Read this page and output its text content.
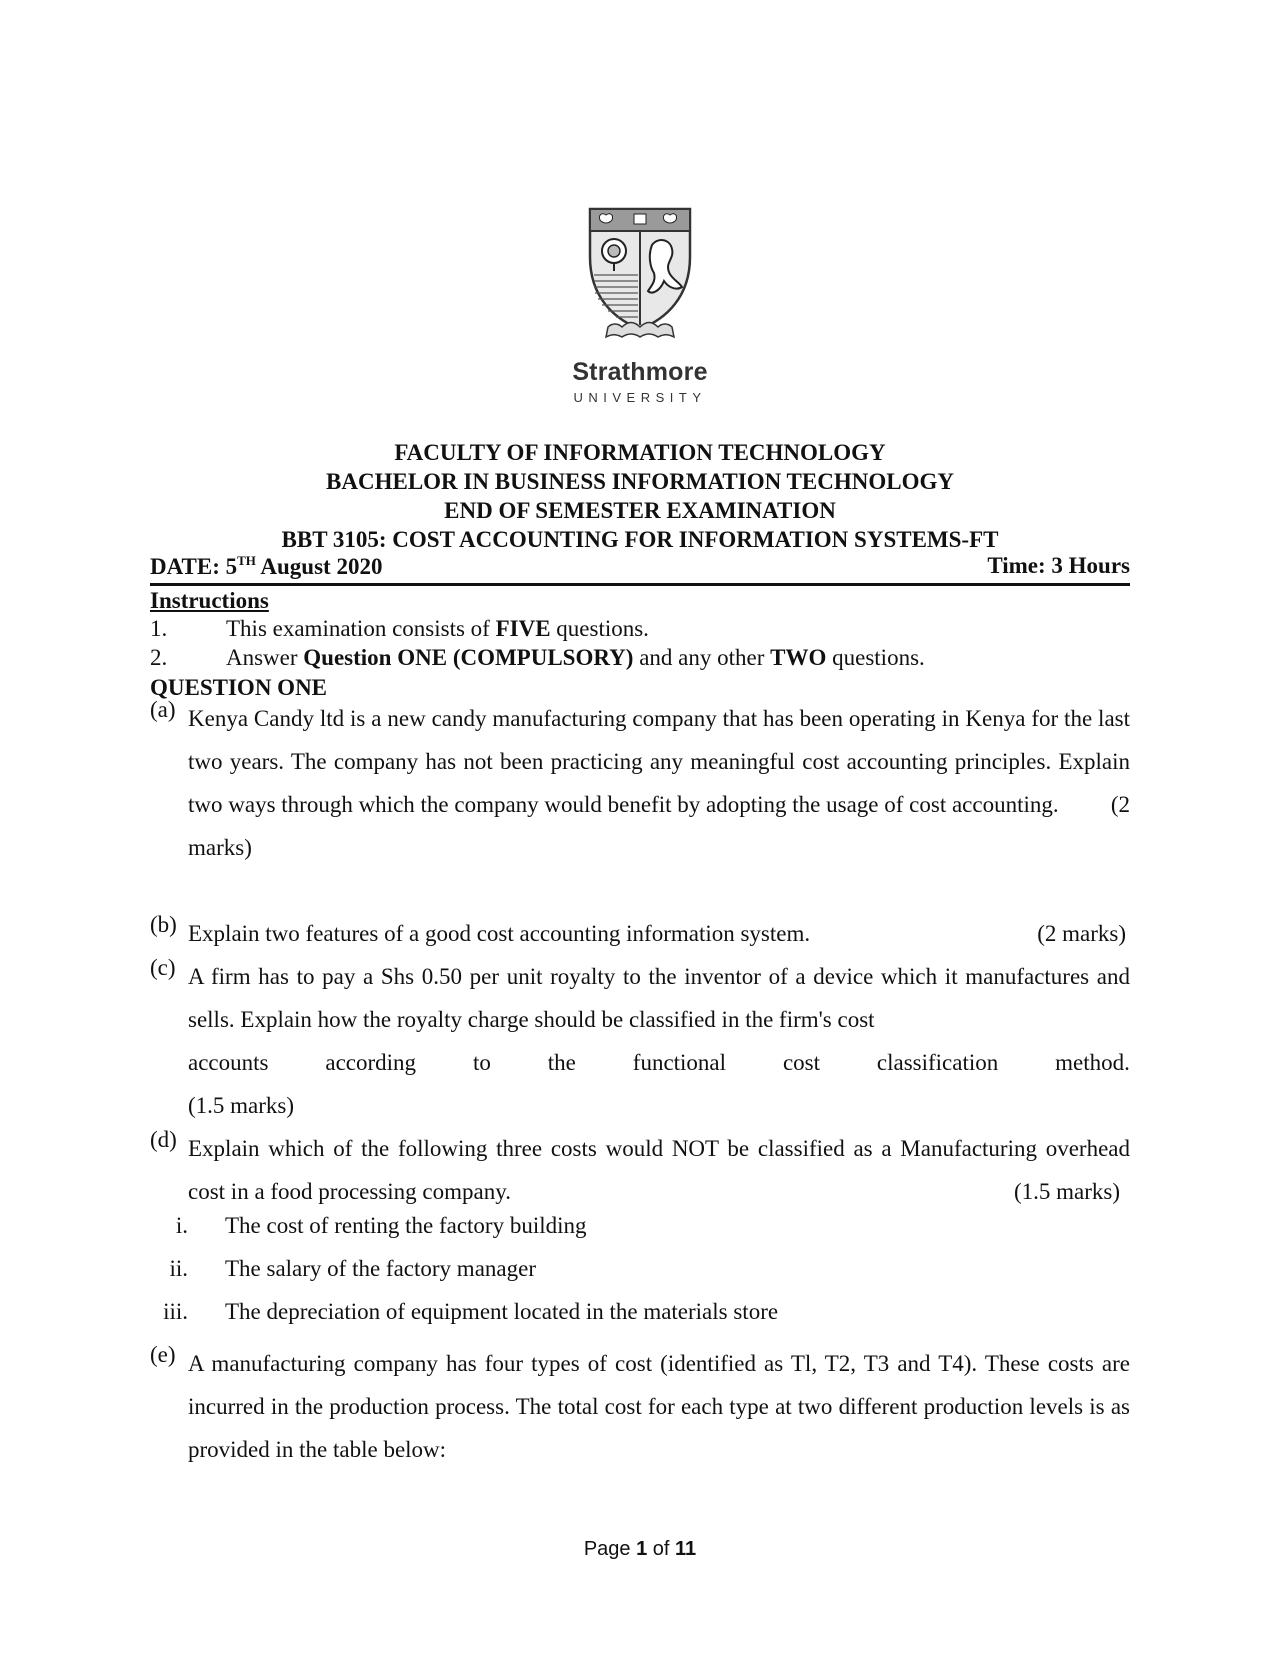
Strathmore
UNIVERSITY
FACULTY OF INFORMATION TECHNOLOGY
BACHELOR IN BUSINESS INFORMATION TECHNOLOGY
END OF SEMESTER EXAMINATION
BBT 3105: COST ACCOUNTING FOR INFORMATION SYSTEMS-FT
DATE: 5TH August 2020	Time: 3 Hours
Instructions
1.	This examination consists of FIVE questions.
2.	Answer Question ONE (COMPULSORY) and any other TWO questions.
QUESTION ONE
(a) Kenya Candy ltd is a new candy manufacturing company that has been operating in Kenya for the last two years. The company has not been practicing any meaningful cost accounting principles. Explain two ways through which the company would benefit by adopting the usage of cost accounting. (2

marks)
(b) Explain two features of a good cost accounting information system.	(2 marks)
(c) A firm has to pay a Shs 0.50 per unit royalty to the inventor of a device which it manufactures and sells. Explain how the royalty charge should be classified in the firm's cost
accounts according to the functional cost classification method.
(1.5 marks)
(d) Explain which of the following three costs would NOT be classified as a Manufacturing overhead cost in a food processing company.	(1.5 marks)
i. The cost of renting the factory building
ii. The salary of the factory manager
iii. The depreciation of equipment located in the materials store
(e) A manufacturing company has four types of cost (identified as Tl, T2, T3 and T4). These costs are incurred in the production process. The total cost for each type at two different production levels is as provided in the table below:
Page 1 of 11
